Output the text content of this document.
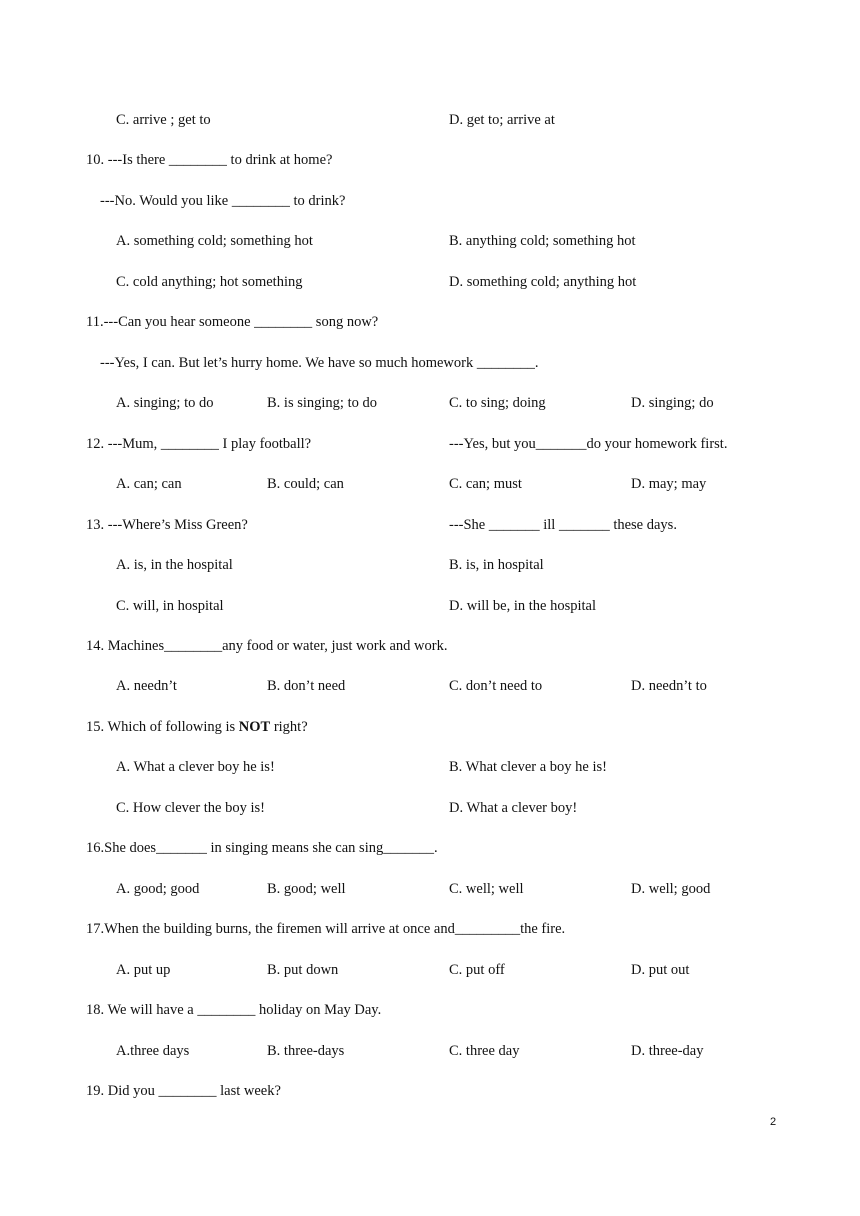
C. arrive ; get to	D. get to; arrive at
10. ---Is there ________ to drink at home?
---No. Would you like ________ to drink?
A. something cold; something hot	B. anything cold; something hot
C. cold anything; hot something	D. something cold; anything hot
11.---Can you hear someone ________ song now?
---Yes, I can. But let’s hurry home. We have so much homework ________.
A. singing; to do	B. is singing; to do	C. to sing; doing	D. singing; do
12. ---Mum, ________ I play football?	---Yes, but you_______do your homework first.
A. can; can	B. could; can	C. can; must	D. may; may
13. ---Where’s Miss Green?	---She _______ ill _______ these days.
A. is, in the hospital	B. is, in hospital
C. will, in hospital	D. will be, in the hospital
14. Machines________any food or water, just work and work.
A. needn’t	B. don’t need	C. don’t need to	D. needn’t to
15. Which of following is NOT right?
A. What a clever boy he is!	B. What clever a boy he is!
C. How clever the boy is!	D. What a clever boy!
16.She does_______ in singing means she can sing_______.
A. good; good	B. good; well	C. well; well	D. well; good
17.When the building burns, the firemen will arrive at once and_________the fire.
A. put up	B. put down	C. put off	D. put out
18. We will have a ________ holiday on May Day.
A.three days	B. three-days	C. three day	D. three-day
19. Did you ________ last week?
2
